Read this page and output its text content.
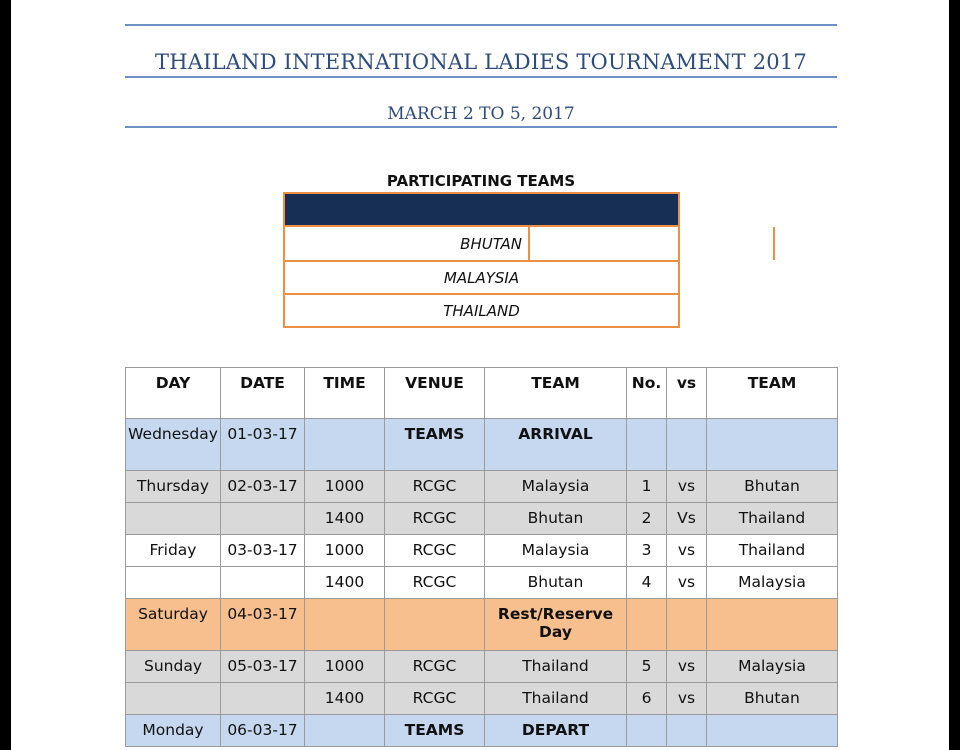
THAILAND INTERNATIONAL LADIES TOURNAMENT 2017
MARCH 2 TO 5, 2017
PARTICIPATING TEAMS
BHUTAN
MALAYSIA
THAILAND
DAY	DATE	TIME	VENUE	TEAM	No.	vs	TEAM
Wednesday	01-03-17		TEAMS	ARRIVAL			
Thursday	02-03-17	1000	RCGC	Malaysia	1	vs	Bhutan
		1400	RCGC	Bhutan	2	Vs	Thailand
Friday	03-03-17	1000	RCGC	Malaysia	3	vs	Thailand
		1400	RCGC	Bhutan	4	vs	Malaysia
Saturday	04-03-17			Rest/Reserve Day			
Sunday	05-03-17	1000	RCGC	Thailand	5	vs	Malaysia
		1400	RCGC	Thailand	6	vs	Bhutan
Monday	06-03-17		TEAMS	DEPART			
